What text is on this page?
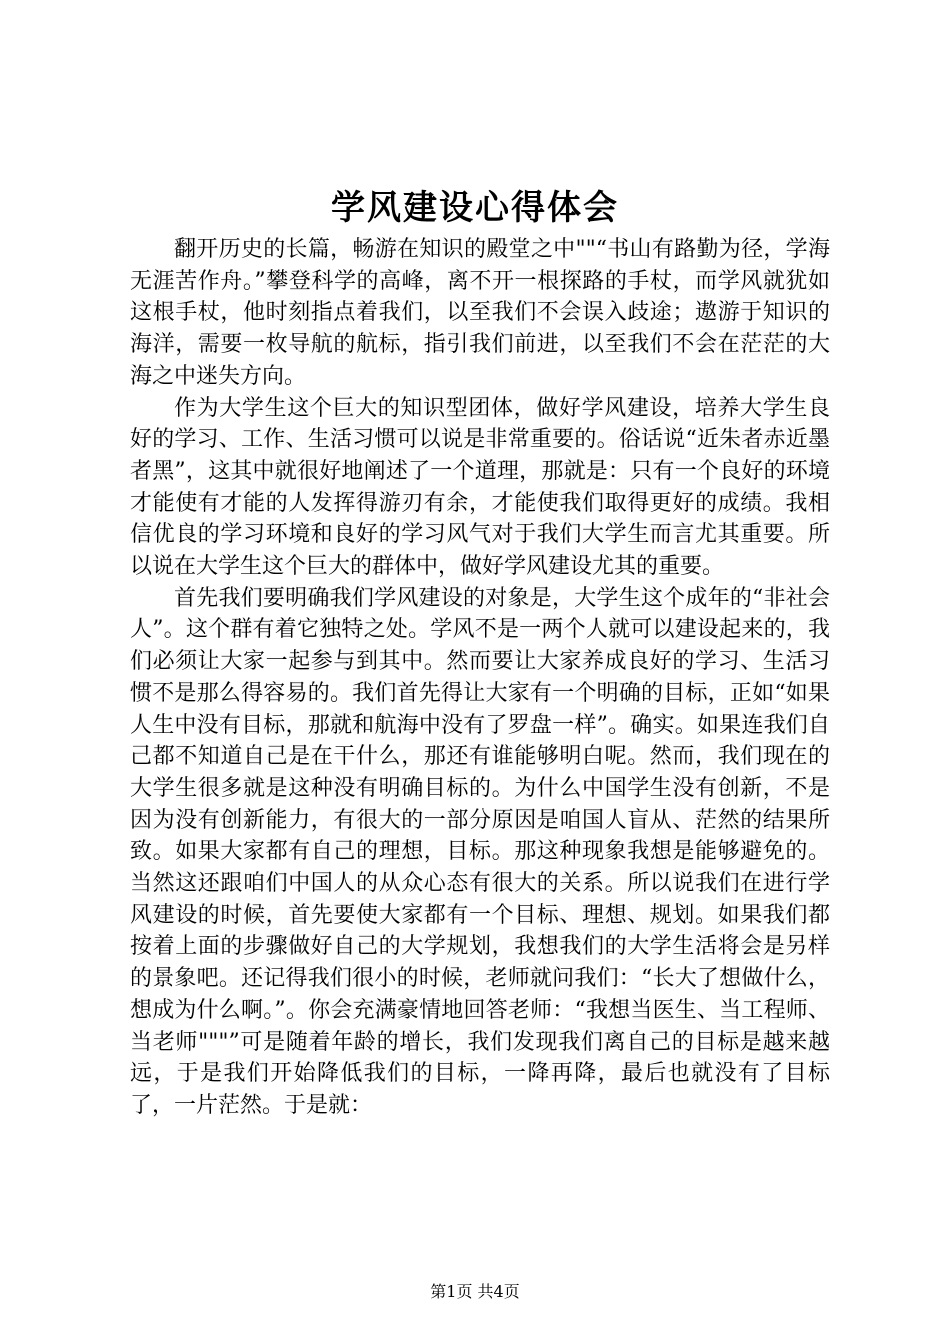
学风建设心得体会

翻开历史的长篇，畅游在知识的殿堂之中""“书山有路勤为径，学海无涯苦作舟。”攀登科学的高峰，离不开一根探路的手杖，而学风就犹如这根手杖，他时刻指点着我们，以至我们不会误入歧途；遨游于知识的海洋，需要一枚导航的航标，指引我们前进，以至我们不会在茫茫的大海之中迷失方向。

作为大学生这个巨大的知识型团体，做好学风建设，培养大学生良好的学习、工作、生活习惯可以说是非常重要的。俗话说“近朱者赤近墨者黑”，这其中就很好地阐述了一个道理，那就是：只有一个良好的环境才能使有才能的人发挥得游刃有余，才能使我们取得更好的成绩。我相信优良的学习环境和良好的学习风气对于我们大学生而言尤其重要。所以说在大学生这个巨大的群体中，做好学风建设尤其的重要。

首先我们要明确我们学风建设的对象是，大学生这个成年的“非社会人”。这个群有着它独特之处。学风不是一两个人就可以建设起来的，我们必须让大家一起参与到其中。然而要让大家养成良好的学习、生活习惯不是那么得容易的。我们首先得让大家有一个明确的目标，正如“如果人生中没有目标，那就和航海中没有了罗盘一样”。确实。如果连我们自己都不知道自己是在干什么，那还有谁能够明白呢。然而，我们现在的大学生很多就是这种没有明确目标的。为什么中国学生没有创新，不是因为没有创新能力，有很大的一部分原因是咱国人盲从、茫然的结果所致。如果大家都有自己的理想，目标。那这种现象我想是能够避免的。当然这还跟咱们中国人的从众心态有很大的关系。所以说我们在进行学风建设的时候，首先要使大家都有一个目标、理想、规划。如果我们都按着上面的步骤做好自己的大学规划，我想我们的大学生活将会是另样的景象吧。还记得我们很小的时候，老师就问我们：“长大了想做什么，想成为什么啊。”。你会充满豪情地回答老师：“我想当医生、当工程师、当老师"""”可是随着年龄的增长，我们发现我们离自己的目标是越来越远，于是我们开始降低我们的目标，一降再降，最后也就没有了目标了，一片茫然。于是就：

第1页 共4页
